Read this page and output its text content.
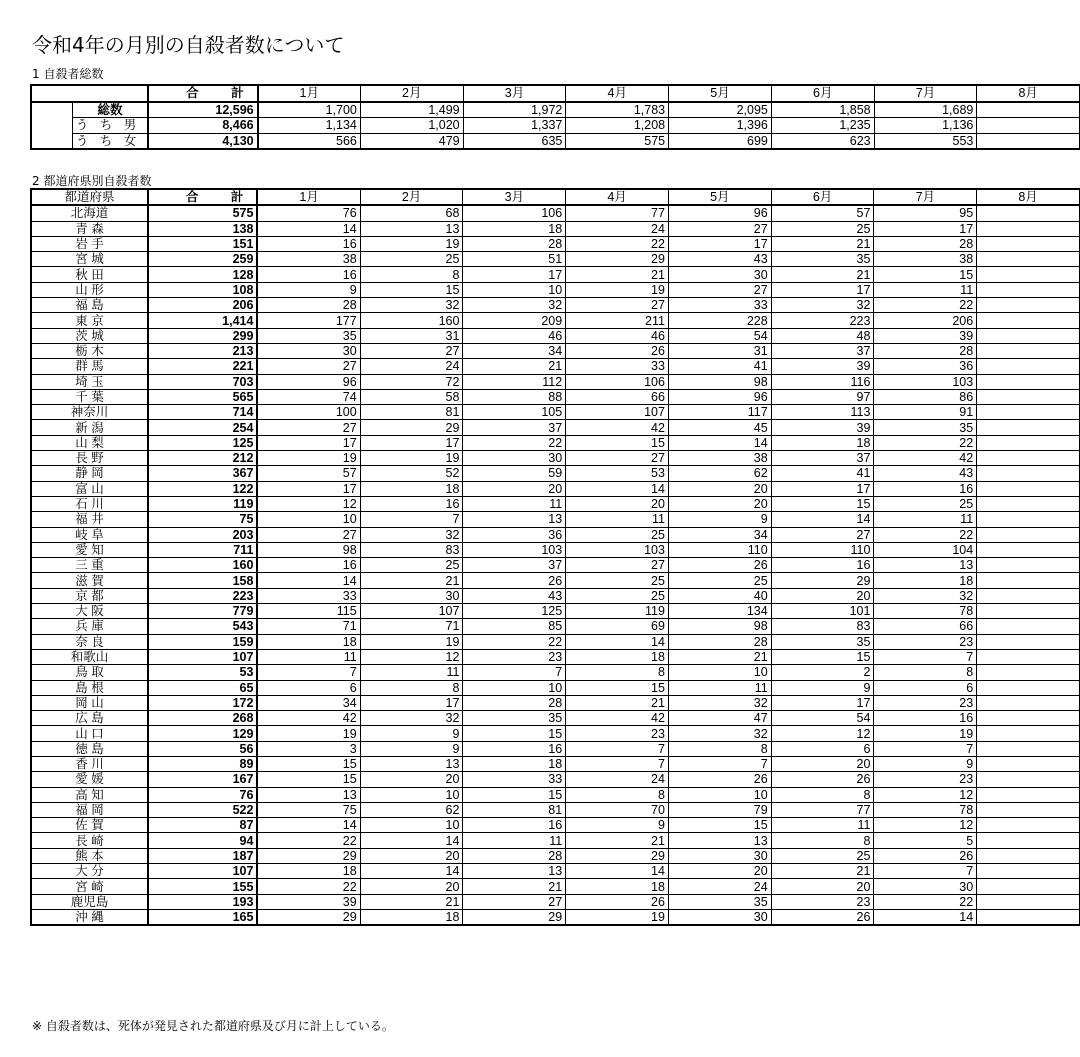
令和4年の月別の自殺者数について
1 自殺者総数
		合　計	1月	2月	3月	4月	5月	6月	7月	8月
	総数	12,596	1,700	1,499	1,972	1,783	2,095	1,858	1,689	
	う ち 男	8,466	1,134	1,020	1,337	1,208	1,396	1,235	1,136	
	う ち 女	4,130	566	479	635	575	699	623	553	
2 都道府県別自殺者数
都道府県	合　計	1月	2月	3月	4月	5月	6月	7月	8月
北海道	575	76	68	106	77	96	57	95	
青 森	138	14	13	18	24	27	25	17	
岩 手	151	16	19	28	22	17	21	28	
宮 城	259	38	25	51	29	43	35	38	
秋 田	128	16	8	17	21	30	21	15	
山 形	108	9	15	10	19	27	17	11	
福 島	206	28	32	32	27	33	32	22	
東 京	1,414	177	160	209	211	228	223	206	
茨 城	299	35	31	46	46	54	48	39	
栃 木	213	30	27	34	26	31	37	28	
群 馬	221	27	24	21	33	41	39	36	
埼 玉	703	96	72	112	106	98	116	103	
千 葉	565	74	58	88	66	96	97	86	
神奈川	714	100	81	105	107	117	113	91	
新 潟	254	27	29	37	42	45	39	35	
山 梨	125	17	17	22	15	14	18	22	
長 野	212	19	19	30	27	38	37	42	
静 岡	367	57	52	59	53	62	41	43	
富 山	122	17	18	20	14	20	17	16	
石 川	119	12	16	11	20	20	15	25	
福 井	75	10	7	13	11	9	14	11	
岐 阜	203	27	32	36	25	34	27	22	
愛 知	711	98	83	103	103	110	110	104	
三 重	160	16	25	37	27	26	16	13	
滋 賀	158	14	21	26	25	25	29	18	
京 都	223	33	30	43	25	40	20	32	
大 阪	779	115	107	125	119	134	101	78	
兵 庫	543	71	71	85	69	98	83	66	
奈 良	159	18	19	22	14	28	35	23	
和歌山	107	11	12	23	18	21	15	7	
鳥 取	53	7	11	7	8	10	2	8	
島 根	65	6	8	10	15	11	9	6	
岡 山	172	34	17	28	21	32	17	23	
広 島	268	42	32	35	42	47	54	16	
山 口	129	19	9	15	23	32	12	19	
徳 島	56	3	9	16	7	8	6	7	
香 川	89	15	13	18	7	7	20	9	
愛 媛	167	15	20	33	24	26	26	23	
高 知	76	13	10	15	8	10	8	12	
福 岡	522	75	62	81	70	79	77	78	
佐 賀	87	14	10	16	9	15	11	12	
長 崎	94	22	14	11	21	13	8	5	
熊 本	187	29	20	28	29	30	25	26	
大 分	107	18	14	13	14	20	21	7	
宮 崎	155	22	20	21	18	24	20	30	
鹿児島	193	39	21	27	26	35	23	22	
沖 縄	165	29	18	29	19	30	26	14	
※ 自殺者数は、死体が発見された都道府県及び月に計上している。
